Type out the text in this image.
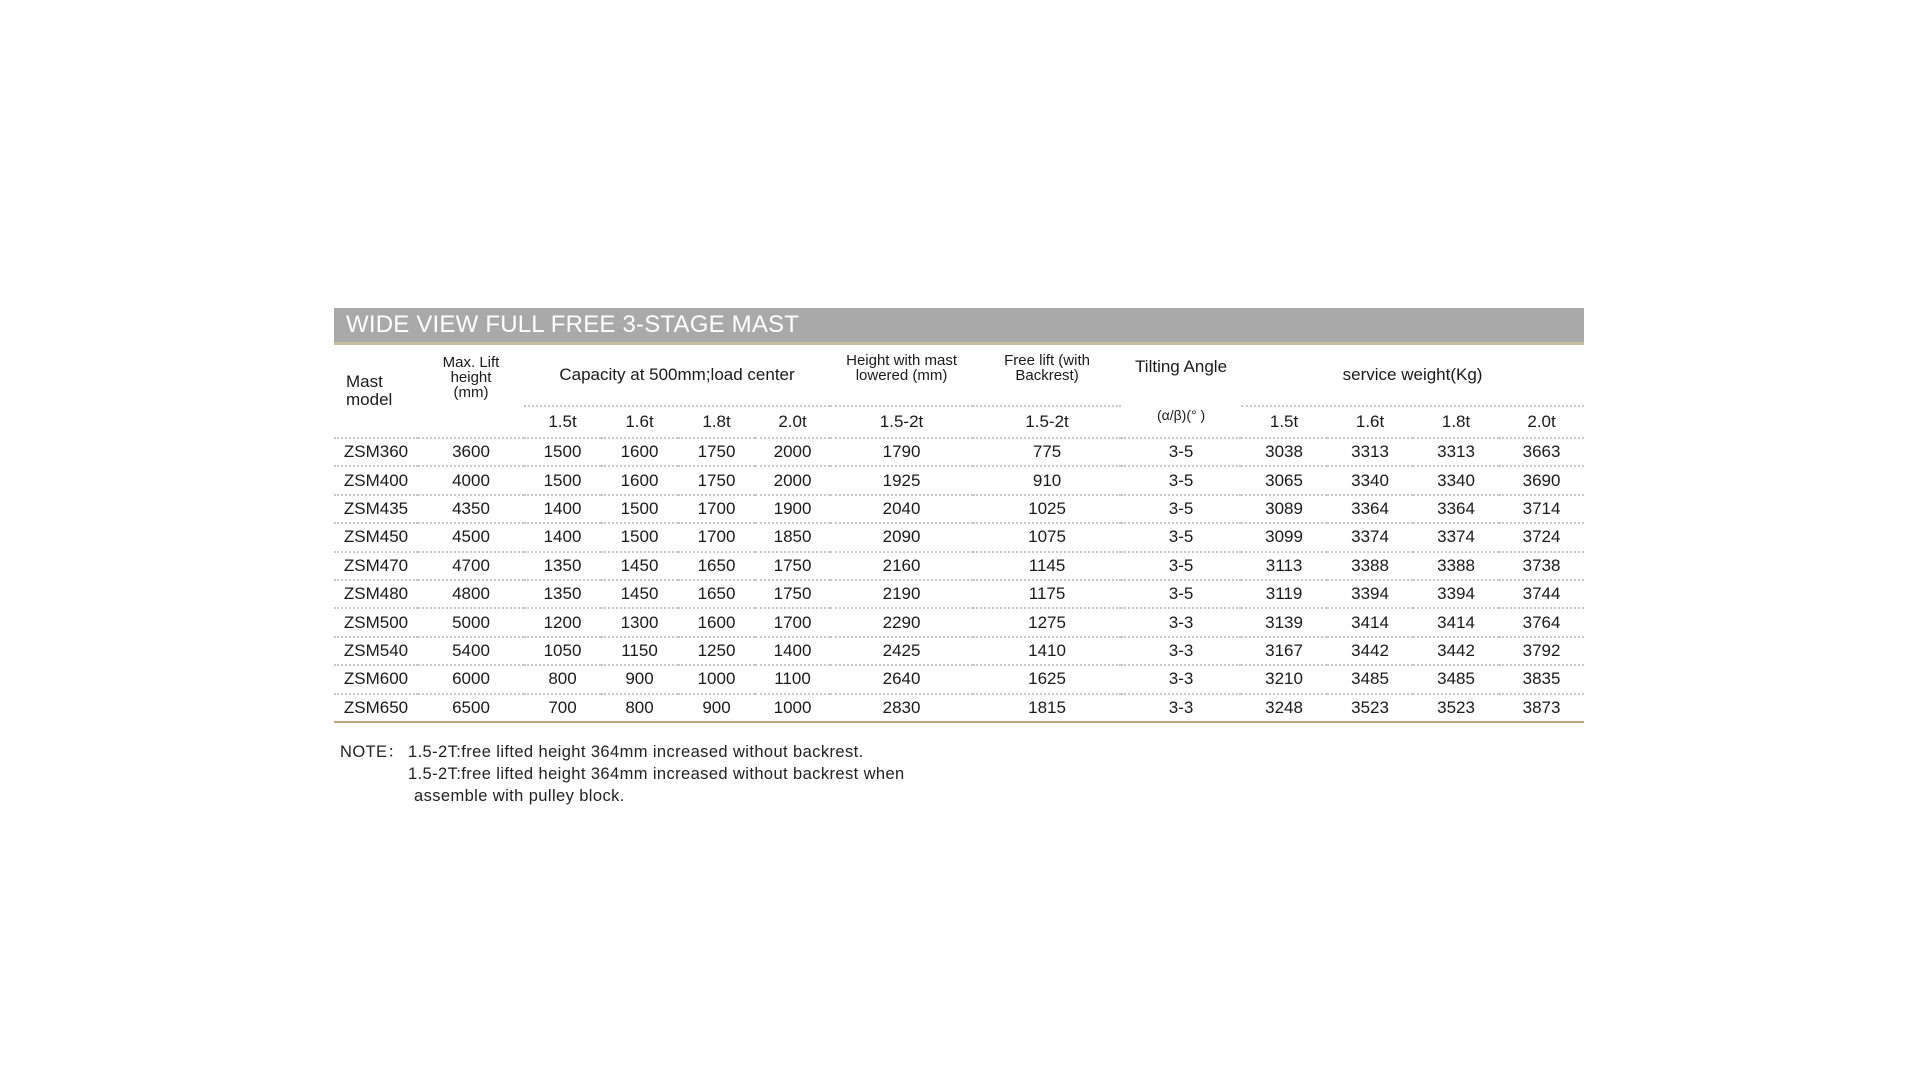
WIDE VIEW FULL FREE 3-STAGE MAST
Mast model	Max. Lift height (mm)	Capacity at 500mm;load center				Height with mast lowered (mm)	Free lift (with Backrest)	Tilting Angle	service weight(Kg)			
		1.5t	1.6t	1.8t	2.0t	1.5-2t	1.5-2t	(α/β)(° )	1.5t	1.6t	1.8t	2.0t
ZSM360	3600	1500	1600	1750	2000	1790	775	3-5	3038	3313	3313	3663
ZSM400	4000	1500	1600	1750	2000	1925	910	3-5	3065	3340	3340	3690
ZSM435	4350	1400	1500	1700	1900	2040	1025	3-5	3089	3364	3364	3714
ZSM450	4500	1400	1500	1700	1850	2090	1075	3-5	3099	3374	3374	3724
ZSM470	4700	1350	1450	1650	1750	2160	1145	3-5	3113	3388	3388	3738
ZSM480	4800	1350	1450	1650	1750	2190	1175	3-5	3119	3394	3394	3744
ZSM500	5000	1200	1300	1600	1700	2290	1275	3-3	3139	3414	3414	3764
ZSM540	5400	1050	1150	1250	1400	2425	1410	3-3	3167	3442	3442	3792
ZSM600	6000	800	900	1000	1100	2640	1625	3-3	3210	3485	3485	3835
ZSM650	6500	700	800	900	1000	2830	1815	3-3	3248	3523	3523	3873
NOTE： 1.5-2T:free lifted height 364mm increased without backrest.
1.5-2T:free lifted height 364mm increased without backrest when
assemble with pulley block.
